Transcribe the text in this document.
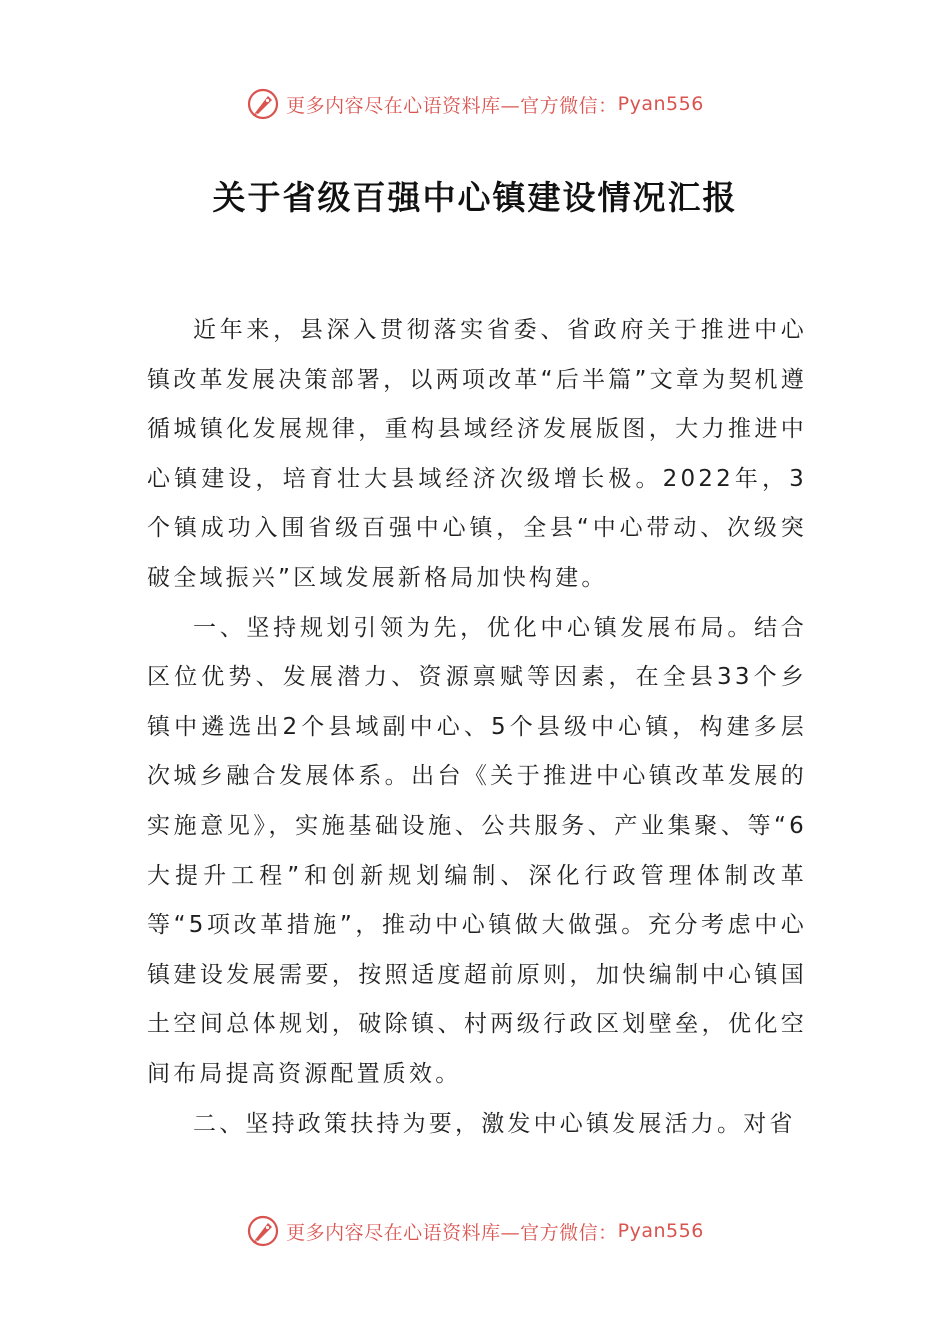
更多内容尽在心语资料库—官方微信： Pyan556
关于省级百强中心镇建设情况汇报

近年来，县深入贯彻落实省委、省政府关于推进中心镇改革发展决策部署，以两项改革“后半篇”文章为契机遵循城镇化发展规律，重构县域经济发展版图，大力推进中心镇建设，培育壮大县域经济次级增长极。2022年，3个镇成功入围省级百强中心镇，全县“中心带动、次级突破全域振兴”区域发展新格局加快构建。

一、坚持规划引领为先，优化中心镇发展布局。结合区位优势、发展潜力、资源禀赋等因素，在全县33个乡镇中遴选出2个县域副中心、5个县级中心镇，构建多层次城乡融合发展体系。出台《关于推进中心镇改革发展的实施意见》，实施基础设施、公共服务、产业集聚、等“6大提升工程”和创新规划编制、深化行政管理体制改革等“5项改革措施”，推动中心镇做大做强。充分考虑中心镇建设发展需要，按照适度超前原则，加快编制中心镇国土空间总体规划，破除镇、村两级行政区划壁垒，优化空间布局提高资源配置质效。

二、坚持政策扶持为要，激发中心镇发展活力。对省

更多内容尽在心语资料库—官方微信： Pyan556
